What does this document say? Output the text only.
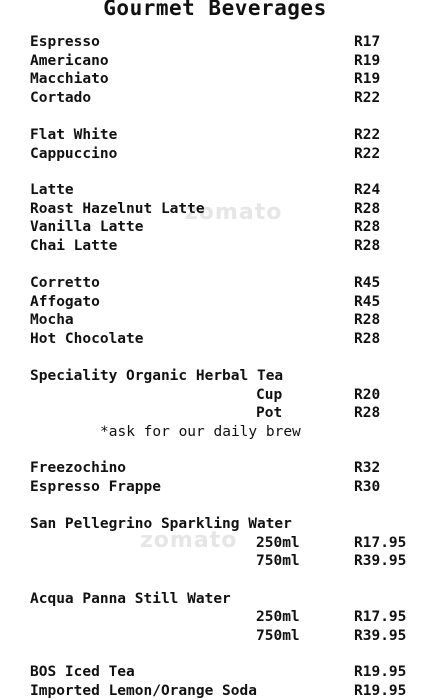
Gourmet Beverages
zomato
zomato
Espresso	R17
Americano	R19
Macchiato	R19
Cortado	R22
Flat White	R22
Cappuccino	R22
Latte	R24
Roast Hazelnut Latte	R28
Vanilla Latte	R28
Chai Latte	R28
Corretto	R45
Affogato	R45
Mocha	R28
Hot Chocolate	R28
Speciality Organic Herbal Tea
Cup	R20
Pot	R28
*ask for our daily brew
Freezochino	R32
Espresso Frappe	R30
San Pellegrino Sparkling Water
250ml	R17.95
750ml	R39.95
Acqua Panna Still Water
250ml	R17.95
750ml	R39.95
BOS Iced Tea	R19.95
Imported Lemon/Orange Soda	R19.95
